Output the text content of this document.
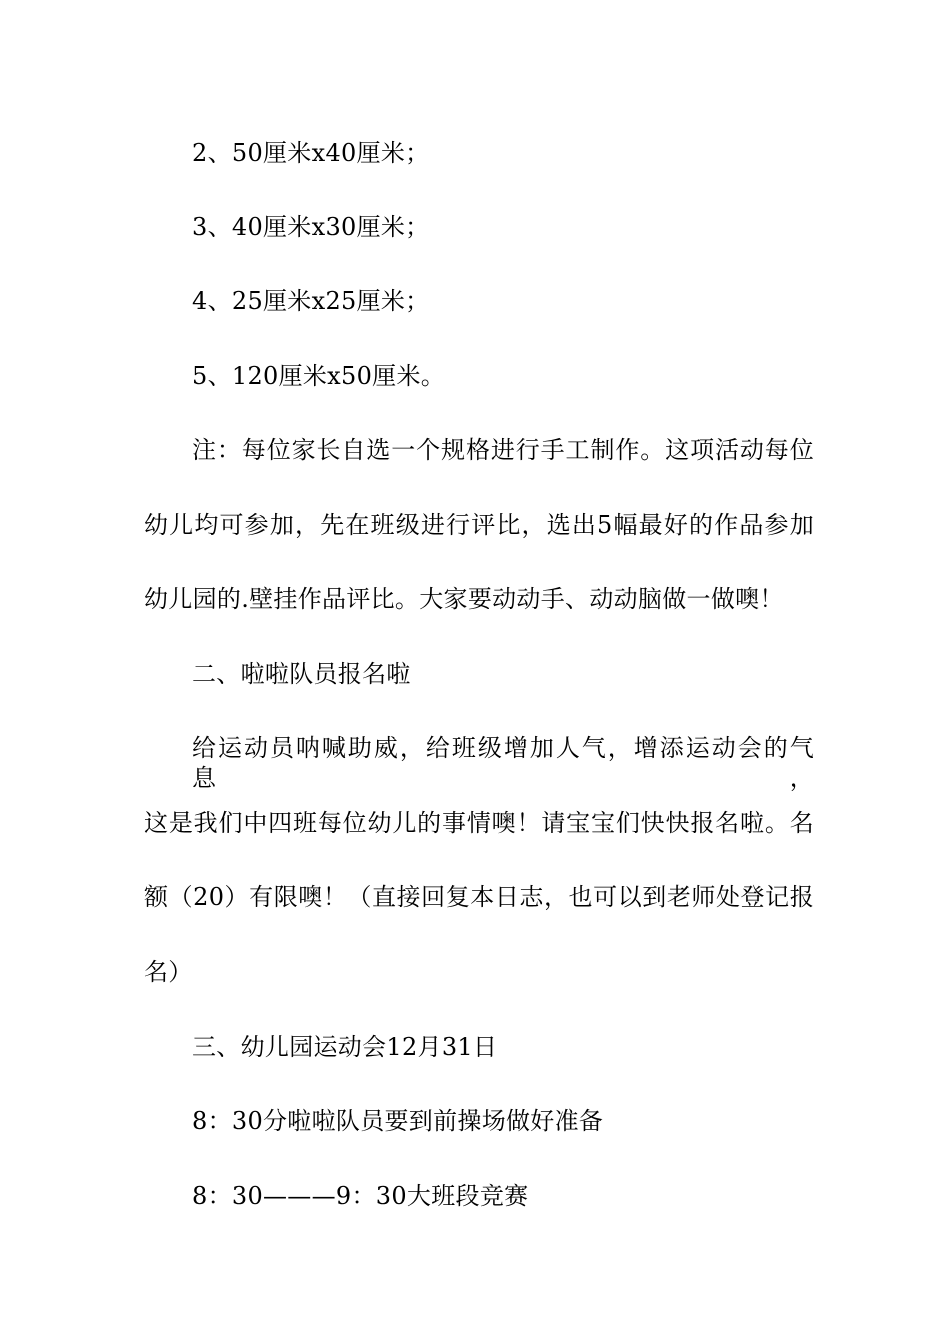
2、50厘米x40厘米；
3、40厘米x30厘米；
4、25厘米x25厘米；
5、120厘米x50厘米。
注：每位家长自选一个规格进行手工制作。这项活动每位
幼儿均可参加，先在班级进行评比，选出5幅最好的作品参加
幼儿园的.壁挂作品评比。大家要动动手、动动脑做一做噢！
二、啦啦队员报名啦
给运动员呐喊助威，给班级增加人气，增添运动会的气息，
这是我们中四班每位幼儿的事情噢！请宝宝们快快报名啦。名
额（20）有限噢！（直接回复本日志，也可以到老师处登记报
名）
三、幼儿园运动会12月31日
8：30分啦啦队员要到前操场做好准备
8：30———9：30大班段竞赛
